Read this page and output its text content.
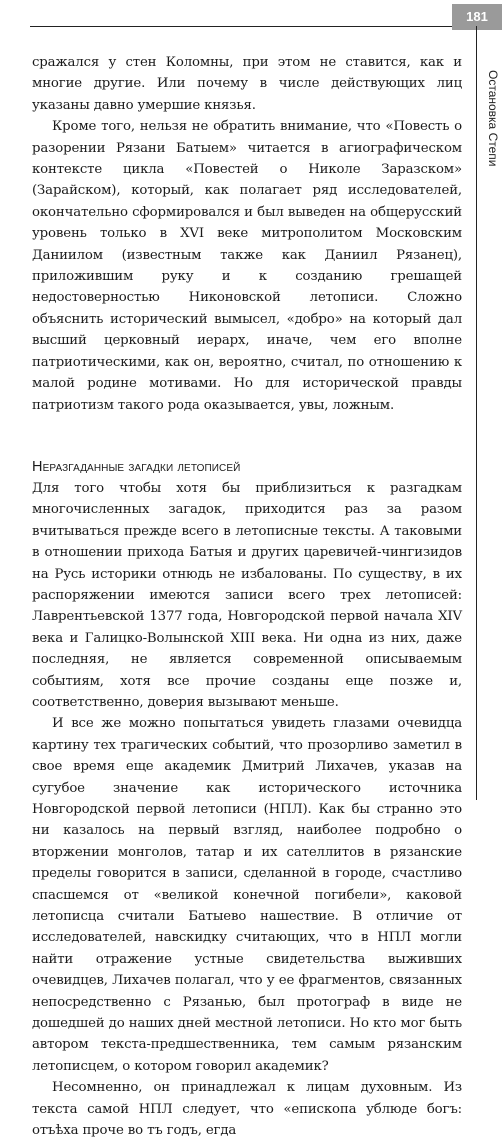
181
Остановка Степи

сражался у стен Коломны, при этом не ставится, как и многие другие. Или почему в числе действующих лиц указаны давно умершие князья.

Кроме того, нельзя не обратить внимание, что «Повесть о разорении Рязани Батыем» читается в агиографическом контексте цикла «Повестей о Николе Заразском» (Зарайском), который, как полагает ряд исследователей, окончательно сформировался и был выведен на общерусский уровень только в XVI веке митрополитом Московским Даниилом (известным также как Даниил Рязанец), приложившим руку и к созданию грешащей недостоверностью Никоновской летописи. Сложно объяснить исторический вымысел, «добро» на который дал высший церковный иерарх, иначе, чем его вполне патриотическими, как он, вероятно, считал, по отношению к малой родине мотивами. Но для исторической правды патриотизм такого рода оказывается, увы, ложным.

Неразгаданные загадки летописей

Для того чтобы хотя бы приблизиться к разгадкам многочисленных загадок, приходится раз за разом вчитываться прежде всего в летописные тексты. А таковыми в отношении прихода Батыя и других царевичей-чингизидов на Русь историки отнюдь не избалованы. По существу, в их распоряжении имеются записи всего трех летописей: Лаврентьевской 1377 года, Новгородской первой начала XIV века и Галицко-Волынской XIII века. Ни одна из них, даже последняя, не является современной описываемым событиям, хотя все прочие созданы еще позже и, соответственно, доверия вызывают меньше.

И все же можно попытаться увидеть глазами очевидца картину тех трагических событий, что прозорливо заметил в свое время еще академик Дмитрий Лихачев, указав на сугубое значение как исторического источника Новгородской первой летописи (НПЛ). Как бы странно это ни казалось на первый взгляд, наиболее подробно о вторжении монголов, татар и их сателлитов в рязанские пределы говорится в записи, сделанной в городе, счастливо спасшемся от «великой конечной погибели», каковой летописца считали Батыево нашествие. В отличие от исследователей, навскидку считающих, что в НПЛ могли найти отражение устные свидетельства выживших очевидцев, Лихачев полагал, что у ее фрагментов, связанных непосредственно с Рязанью, был протограф в виде не дошедшей до наших дней местной летописи. Но кто мог быть автором текста-предшественника, тем самым рязанским летописцем, о котором говорил академик?

Несомненно, он принадлежал к лицам духовным. Из текста самой НПЛ следует, что «епископа ублюде богъ: отъѣха проче во тъ годъ, егда
